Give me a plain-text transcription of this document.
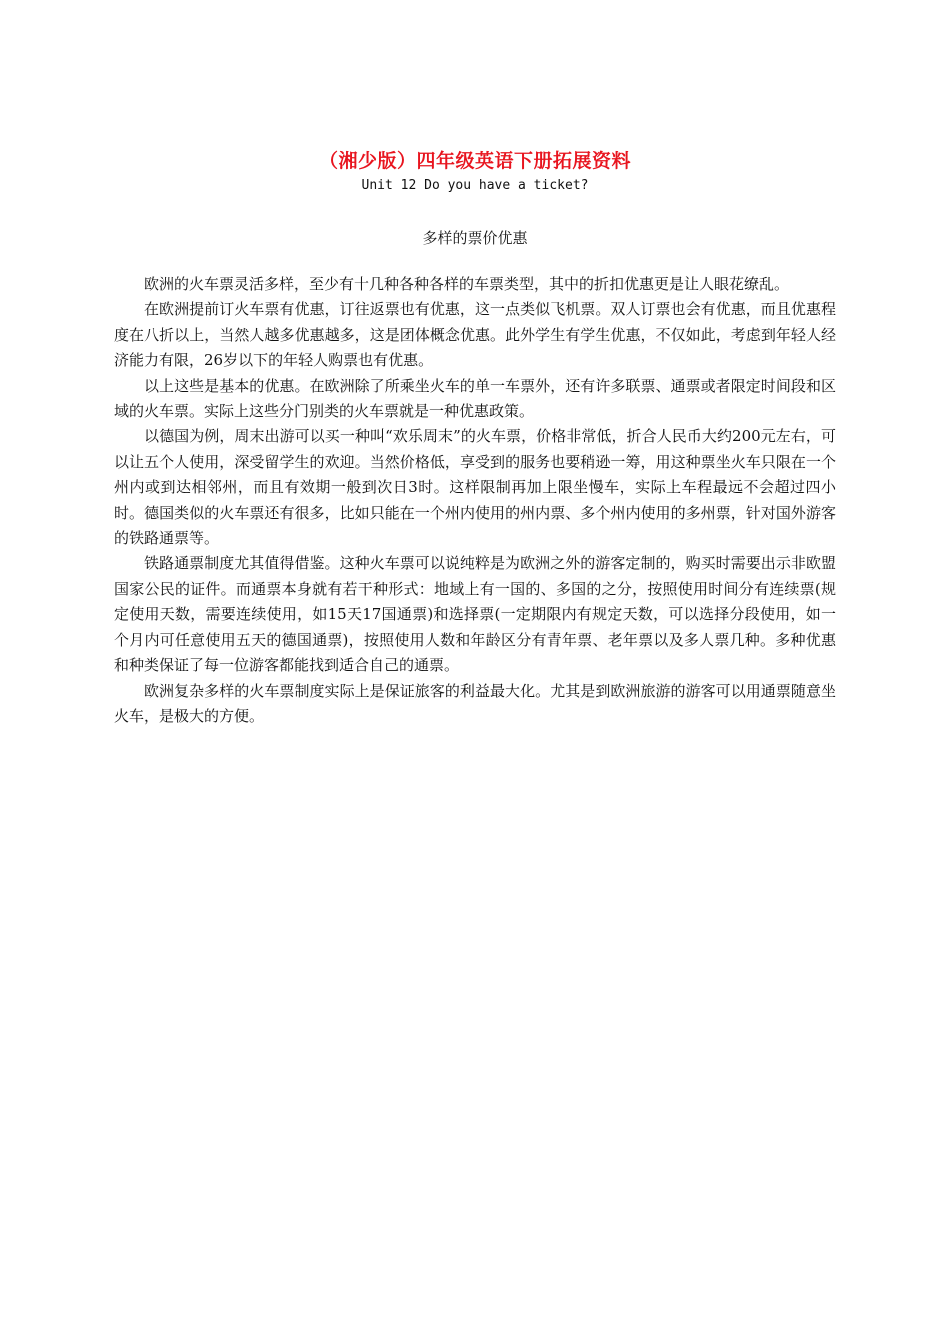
（湘少版）四年级英语下册拓展资料
Unit 12 Do you have a ticket?
多样的票价优惠

欧洲的火车票灵活多样，至少有十几种各种各样的车票类型，其中的折扣优惠更是让人眼花缭乱。

在欧洲提前订火车票有优惠，订往返票也有优惠，这一点类似飞机票。双人订票也会有优惠，而且优惠程度在八折以上，当然人越多优惠越多，这是团体概念优惠。此外学生有学生优惠，不仅如此，考虑到年轻人经济能力有限，26岁以下的年轻人购票也有优惠。

以上这些是基本的优惠。在欧洲除了所乘坐火车的单一车票外，还有许多联票、通票或者限定时间段和区域的火车票。实际上这些分门别类的火车票就是一种优惠政策。

以德国为例，周末出游可以买一种叫“欢乐周末”的火车票，价格非常低，折合人民币大约200元左右，可以让五个人使用，深受留学生的欢迎。当然价格低，享受到的服务也要稍逊一筹，用这种票坐火车只限在一个州内或到达相邻州，而且有效期一般到次日3时。这样限制再加上限坐慢车，实际上车程最远不会超过四小时。德国类似的火车票还有很多，比如只能在一个州内使用的州内票、多个州内使用的多州票，针对国外游客的铁路通票等。

铁路通票制度尤其值得借鉴。这种火车票可以说纯粹是为欧洲之外的游客定制的，购买时需要出示非欧盟国家公民的证件。而通票本身就有若干种形式：地域上有一国的、多国的之分，按照使用时间分有连续票(规定使用天数，需要连续使用，如15天17国通票)和选择票(一定期限内有规定天数，可以选择分段使用，如一个月内可任意使用五天的德国通票)，按照使用人数和年龄区分有青年票、老年票以及多人票几种。多种优惠和种类保证了每一位游客都能找到适合自己的通票。

欧洲复杂多样的火车票制度实际上是保证旅客的利益最大化。尤其是到欧洲旅游的游客可以用通票随意坐火车，是极大的方便。
